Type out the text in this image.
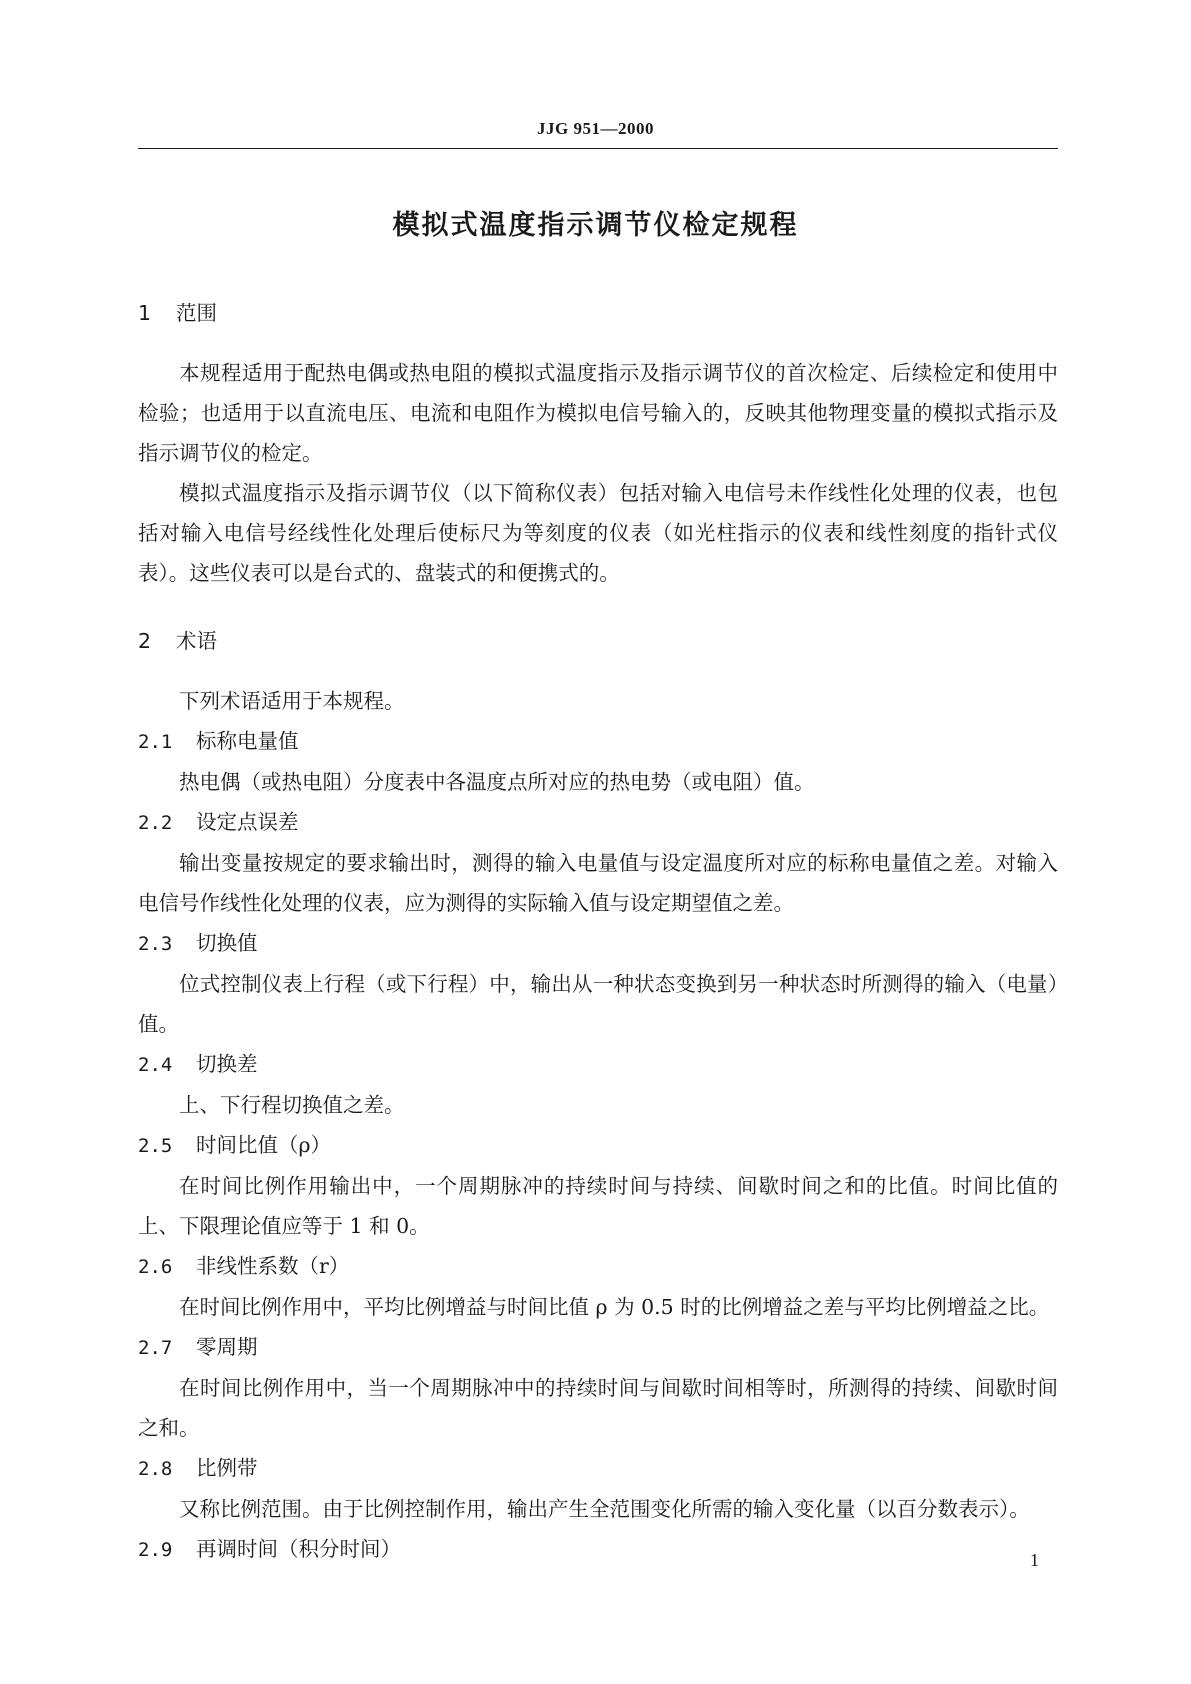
JJG 951—2000
模拟式温度指示调节仪检定规程
1 范围

本规程适用于配热电偶或热电阻的模拟式温度指示及指示调节仪的首次检定、后续检定和使用中检验；也适用于以直流电压、电流和电阻作为模拟电信号输入的，反映其他物理变量的模拟式指示及指示调节仪的检定。

模拟式温度指示及指示调节仪（以下简称仪表）包括对输入电信号未作线性化处理的仪表，也包括对输入电信号经线性化处理后使标尺为等刻度的仪表（如光柱指示的仪表和线性刻度的指针式仪表）。这些仪表可以是台式的、盘装式的和便携式的。

2 术语

下列术语适用于本规程。

2.1 标称电量值

热电偶（或热电阻）分度表中各温度点所对应的热电势（或电阻）值。

2.2 设定点误差

输出变量按规定的要求输出时，测得的输入电量值与设定温度所对应的标称电量值之差。对输入电信号作线性化处理的仪表，应为测得的实际输入值与设定期望值之差。

2.3 切换值

位式控制仪表上行程（或下行程）中，输出从一种状态变换到另一种状态时所测得的输入（电量）值。

2.4 切换差

上、下行程切换值之差。

2.5 时间比值（ρ）

在时间比例作用输出中，一个周期脉冲的持续时间与持续、间歇时间之和的比值。时间比值的上、下限理论值应等于 1 和 0。

2.6 非线性系数（r）

在时间比例作用中，平均比例增益与时间比值 ρ 为 0.5 时的比例增益之差与平均比例增益之比。

2.7 零周期

在时间比例作用中，当一个周期脉冲中的持续时间与间歇时间相等时，所测得的持续、间歇时间之和。

2.8 比例带

又称比例范围。由于比例控制作用，输出产生全范围变化所需的输入变化量（以百分数表示）。

2.9 再调时间（积分时间）	1
